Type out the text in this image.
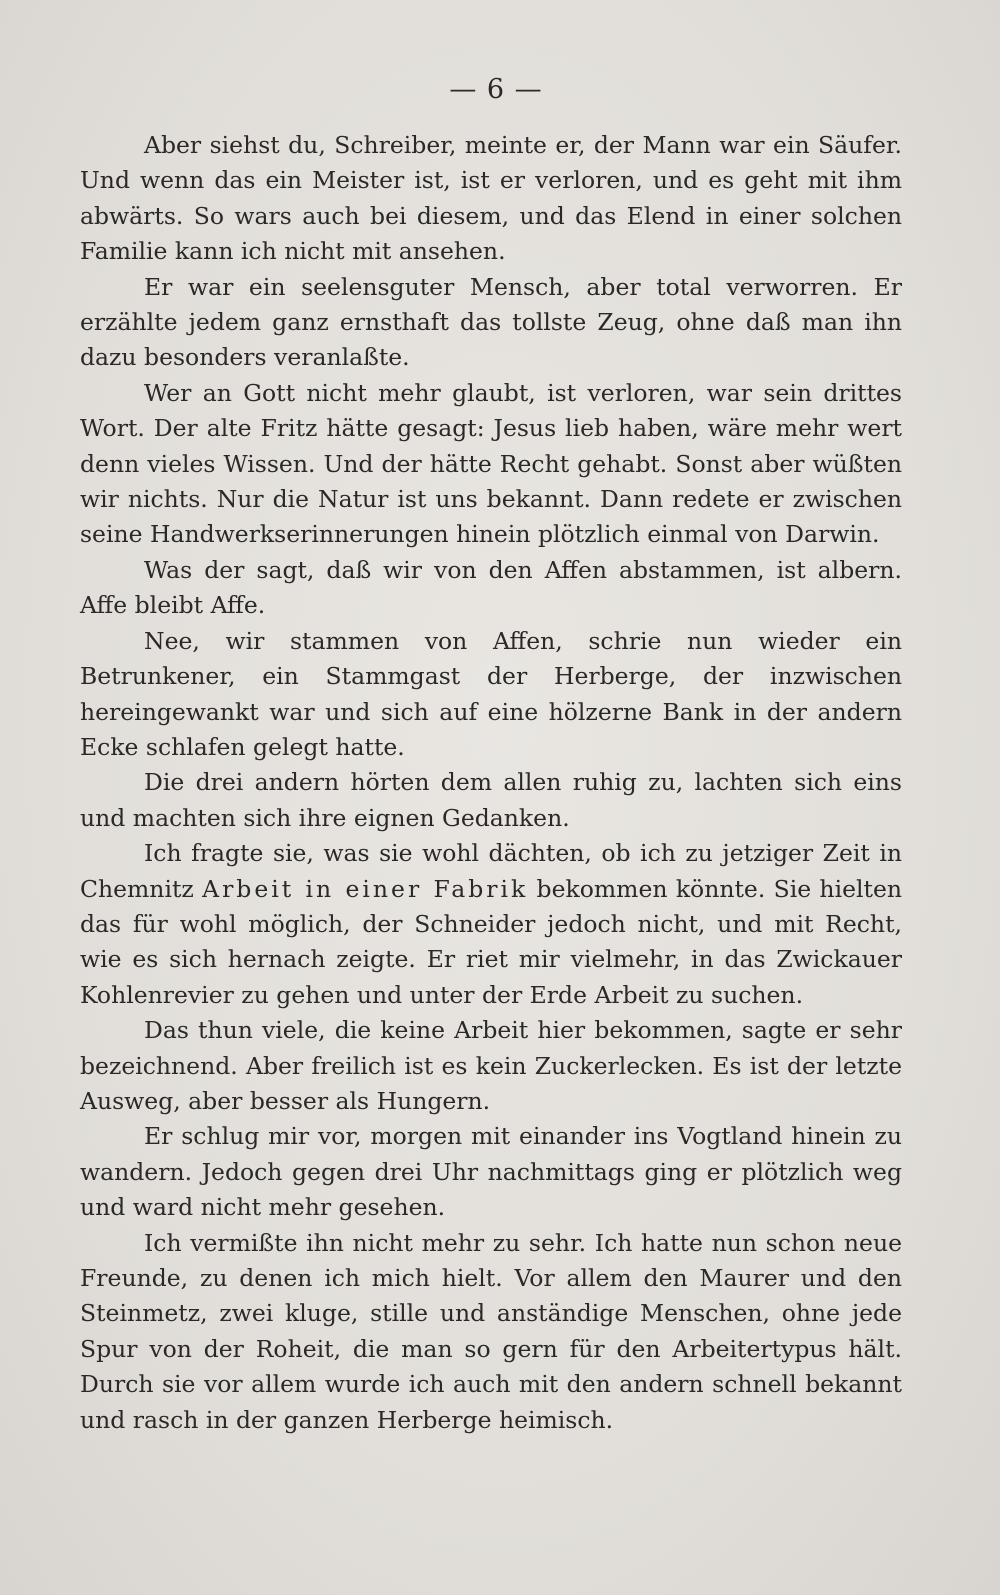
— 6 —

Aber siehst du, Schreiber, meinte er, der Mann war ein Säufer. Und wenn das ein Meister ist, ist er verloren, und es geht mit ihm abwärts. So wars auch bei diesem, und das Elend in einer solchen Familie kann ich nicht mit ansehen.

Er war ein seelensguter Mensch, aber total verworren. Er erzählte jedem ganz ernsthaft das tollste Zeug, ohne daß man ihn dazu besonders veranlaßte.

Wer an Gott nicht mehr glaubt, ist verloren, war sein drittes Wort. Der alte Fritz hätte gesagt: Jesus lieb haben, wäre mehr wert denn vieles Wissen. Und der hätte Recht gehabt. Sonst aber wüßten wir nichts. Nur die Natur ist uns bekannt. Dann redete er zwischen seine Handwerkserinnerungen hinein plötzlich einmal von Darwin.

Was der sagt, daß wir von den Affen abstammen, ist albern. Affe bleibt Affe.

Nee, wir stammen von Affen, schrie nun wieder ein Betrunkener, ein Stammgast der Herberge, der inzwischen hereingewankt war und sich auf eine hölzerne Bank in der andern Ecke schlafen gelegt hatte.

Die drei andern hörten dem allen ruhig zu, lachten sich eins und machten sich ihre eignen Gedanken.

Ich fragte sie, was sie wohl dächten, ob ich zu jetziger Zeit in Chemnitz Arbeit in einer Fabrik bekommen könnte. Sie hielten das für wohl möglich, der Schneider jedoch nicht, und mit Recht, wie es sich hernach zeigte. Er riet mir vielmehr, in das Zwickauer Kohlenrevier zu gehen und unter der Erde Arbeit zu suchen.

Das thun viele, die keine Arbeit hier bekommen, sagte er sehr bezeichnend. Aber freilich ist es kein Zuckerlecken. Es ist der letzte Ausweg, aber besser als Hungern.

Er schlug mir vor, morgen mit einander ins Vogtland hinein zu wandern. Jedoch gegen drei Uhr nachmittags ging er plötzlich weg und ward nicht mehr gesehen.

Ich vermißte ihn nicht mehr zu sehr. Ich hatte nun schon neue Freunde, zu denen ich mich hielt. Vor allem den Maurer und den Steinmetz, zwei kluge, stille und anständige Menschen, ohne jede Spur von der Roheit, die man so gern für den Arbeitertypus hält. Durch sie vor allem wurde ich auch mit den andern schnell bekannt und rasch in der ganzen Herberge heimisch.
